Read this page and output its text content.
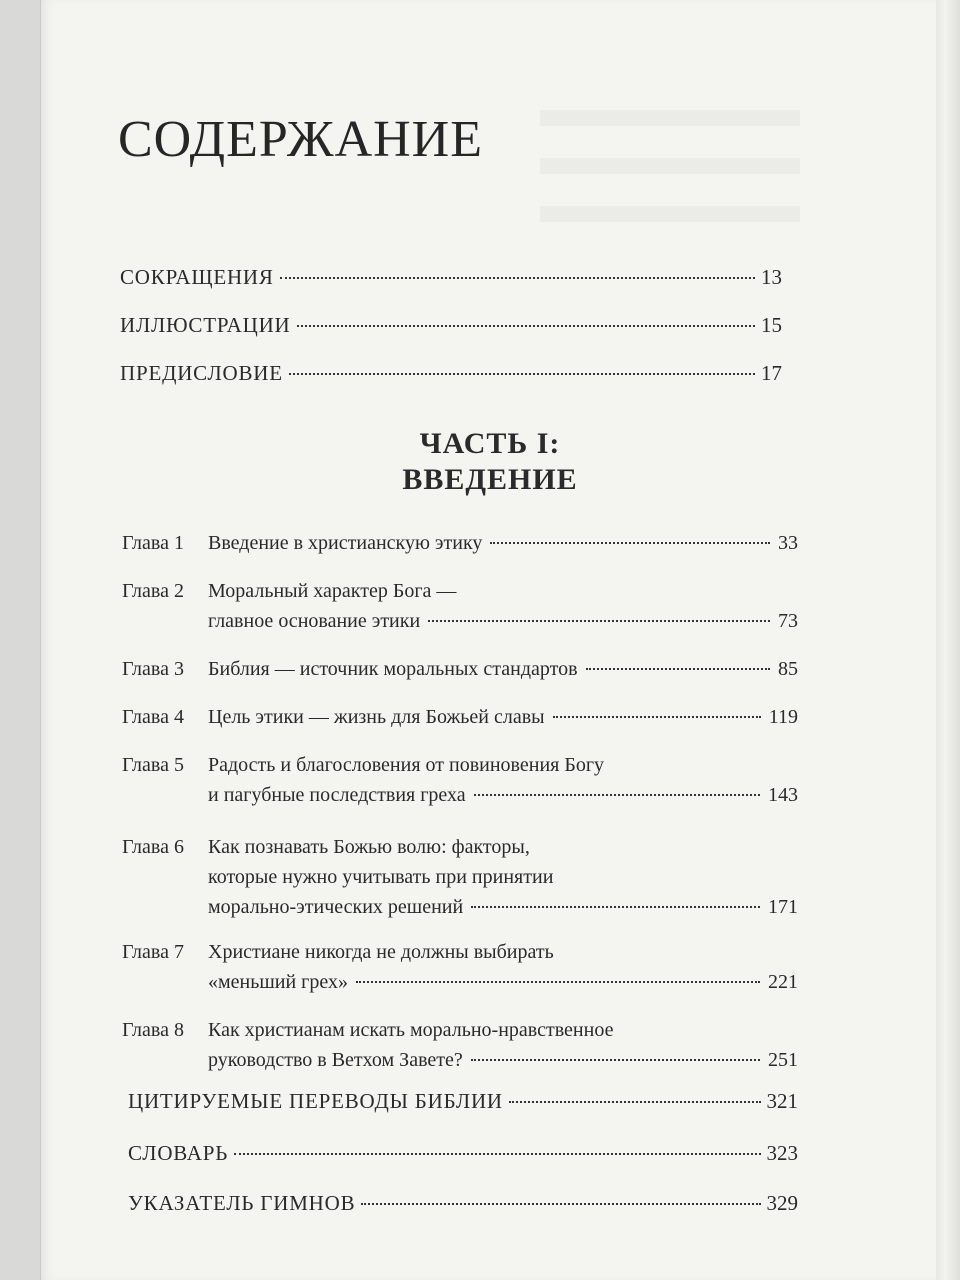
СОДЕРЖАНИЕ
СОКРАЩЕНИЯ	13
ИЛЛЮСТРАЦИИ	15
ПРЕДИСЛОВИЕ	17
ЧАСТЬ I:
ВВЕДЕНИЕ
Глава 1 Введение в христианскую этику	33
Глава 2 Моральный характер Бога —
главное основание этики	73
Глава 3 Библия — источник моральных стандартов	85
Глава 4 Цель этики — жизнь для Божьей славы	119
Глава 5 Радость и благословения от повиновения Богу
и пагубные последствия греха	143
Глава 6 Как познавать Божью волю: факторы,
которые нужно учитывать при принятии
морально-этических решений	171
Глава 7 Христиане никогда не должны выбирать
«меньший грех»	221
Глава 8 Как христианам искать морально-нравственное
руководство в Ветхом Завете?	251
ЦИТИРУЕМЫЕ ПЕРЕВОДЫ БИБЛИИ	321
СЛОВАРЬ	323
УКАЗАТЕЛЬ ГИМНОВ	329
